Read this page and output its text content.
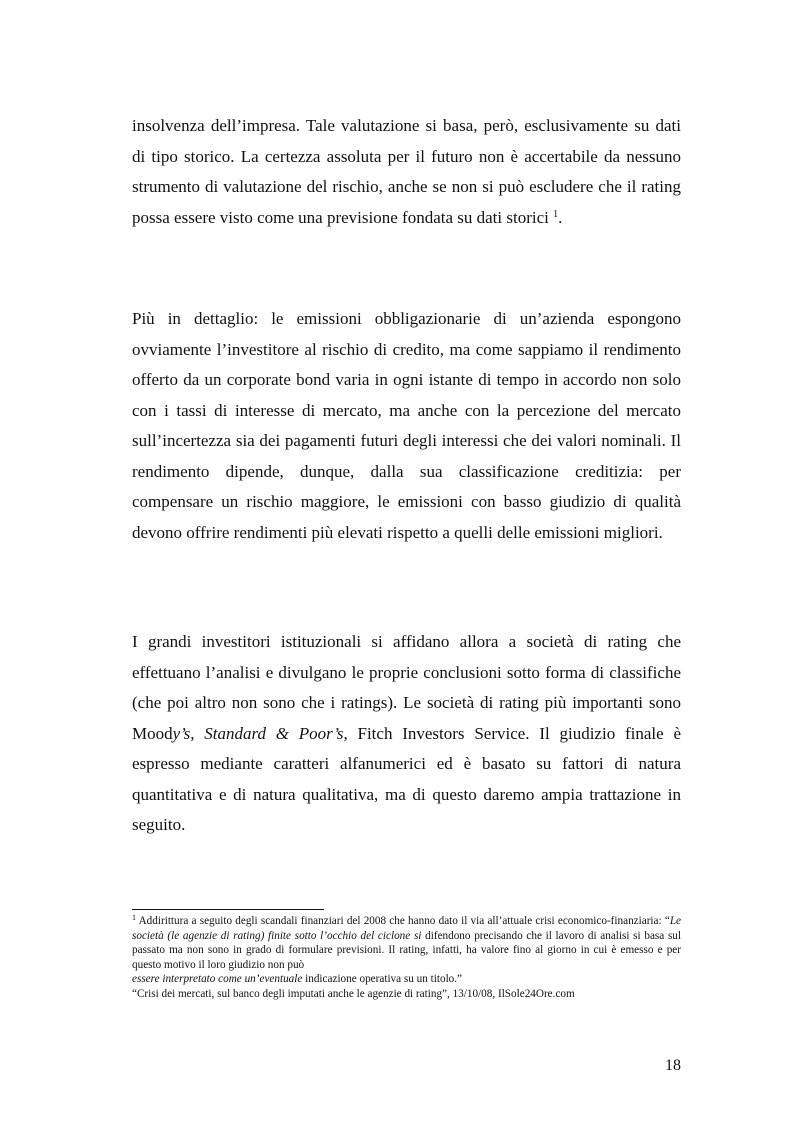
insolvenza dell’impresa. Tale valutazione si basa, però, esclusivamente su dati di tipo storico. La certezza assoluta per il futuro non è accertabile da nessuno strumento di valutazione del rischio, anche se non si può escludere che il rating possa essere visto come una previsione fondata su dati storici $^1$.

Più in dettaglio: le emissioni obbligazionarie di un’azienda espongono ovviamente l’investitore al rischio di credito, ma come sappiamo il rendimento offerto da un corporate bond varia in ogni istante di tempo in accordo non solo con i tassi di interesse di mercato, ma anche con la percezione del mercato sull’incertezza sia dei pagamenti futuri degli interessi che dei valori nominali. Il rendimento dipende, dunque, dalla sua classificazione creditizia: per compensare un rischio maggiore, le emissioni con basso giudizio di qualità devono offrire rendimenti più elevati rispetto a quelli delle emissioni migliori.

I grandi investitori istituzionali si affidano allora a società di rating che effettuano l’analisi e divulgano le proprie conclusioni sotto forma di classifiche (che poi altro non sono che i ratings). Le società di rating più importanti sono Moody’s, Standard & Poor’s, Fitch Investors Service. Il giudizio finale è espresso mediante caratteri alfanumerici ed è basato su fattori di natura quantitativa e di natura qualitativa, ma di questo daremo ampia trattazione in seguito.

$^1$ Addirittura a seguito degli scandali finanziari del 2008 che hanno dato il via all’attuale crisi economico-finanziaria: “Le società (le agenzie di rating) finite sotto l’occhio del ciclone si difendono precisando che il lavoro di analisi si basa sul passato ma non sono in grado di formulare previsioni. Il rating, infatti, ha valore fino al giorno in cui è emesso e per questo motivo il loro giudizio non può
essere interpretato come un’eventuale indicazione operativa su un titolo.”
“Crisi dei mercati, sul banco degli imputati anche le agenzie di rating”, 13/10/08, IlSole24Ore.com

18
